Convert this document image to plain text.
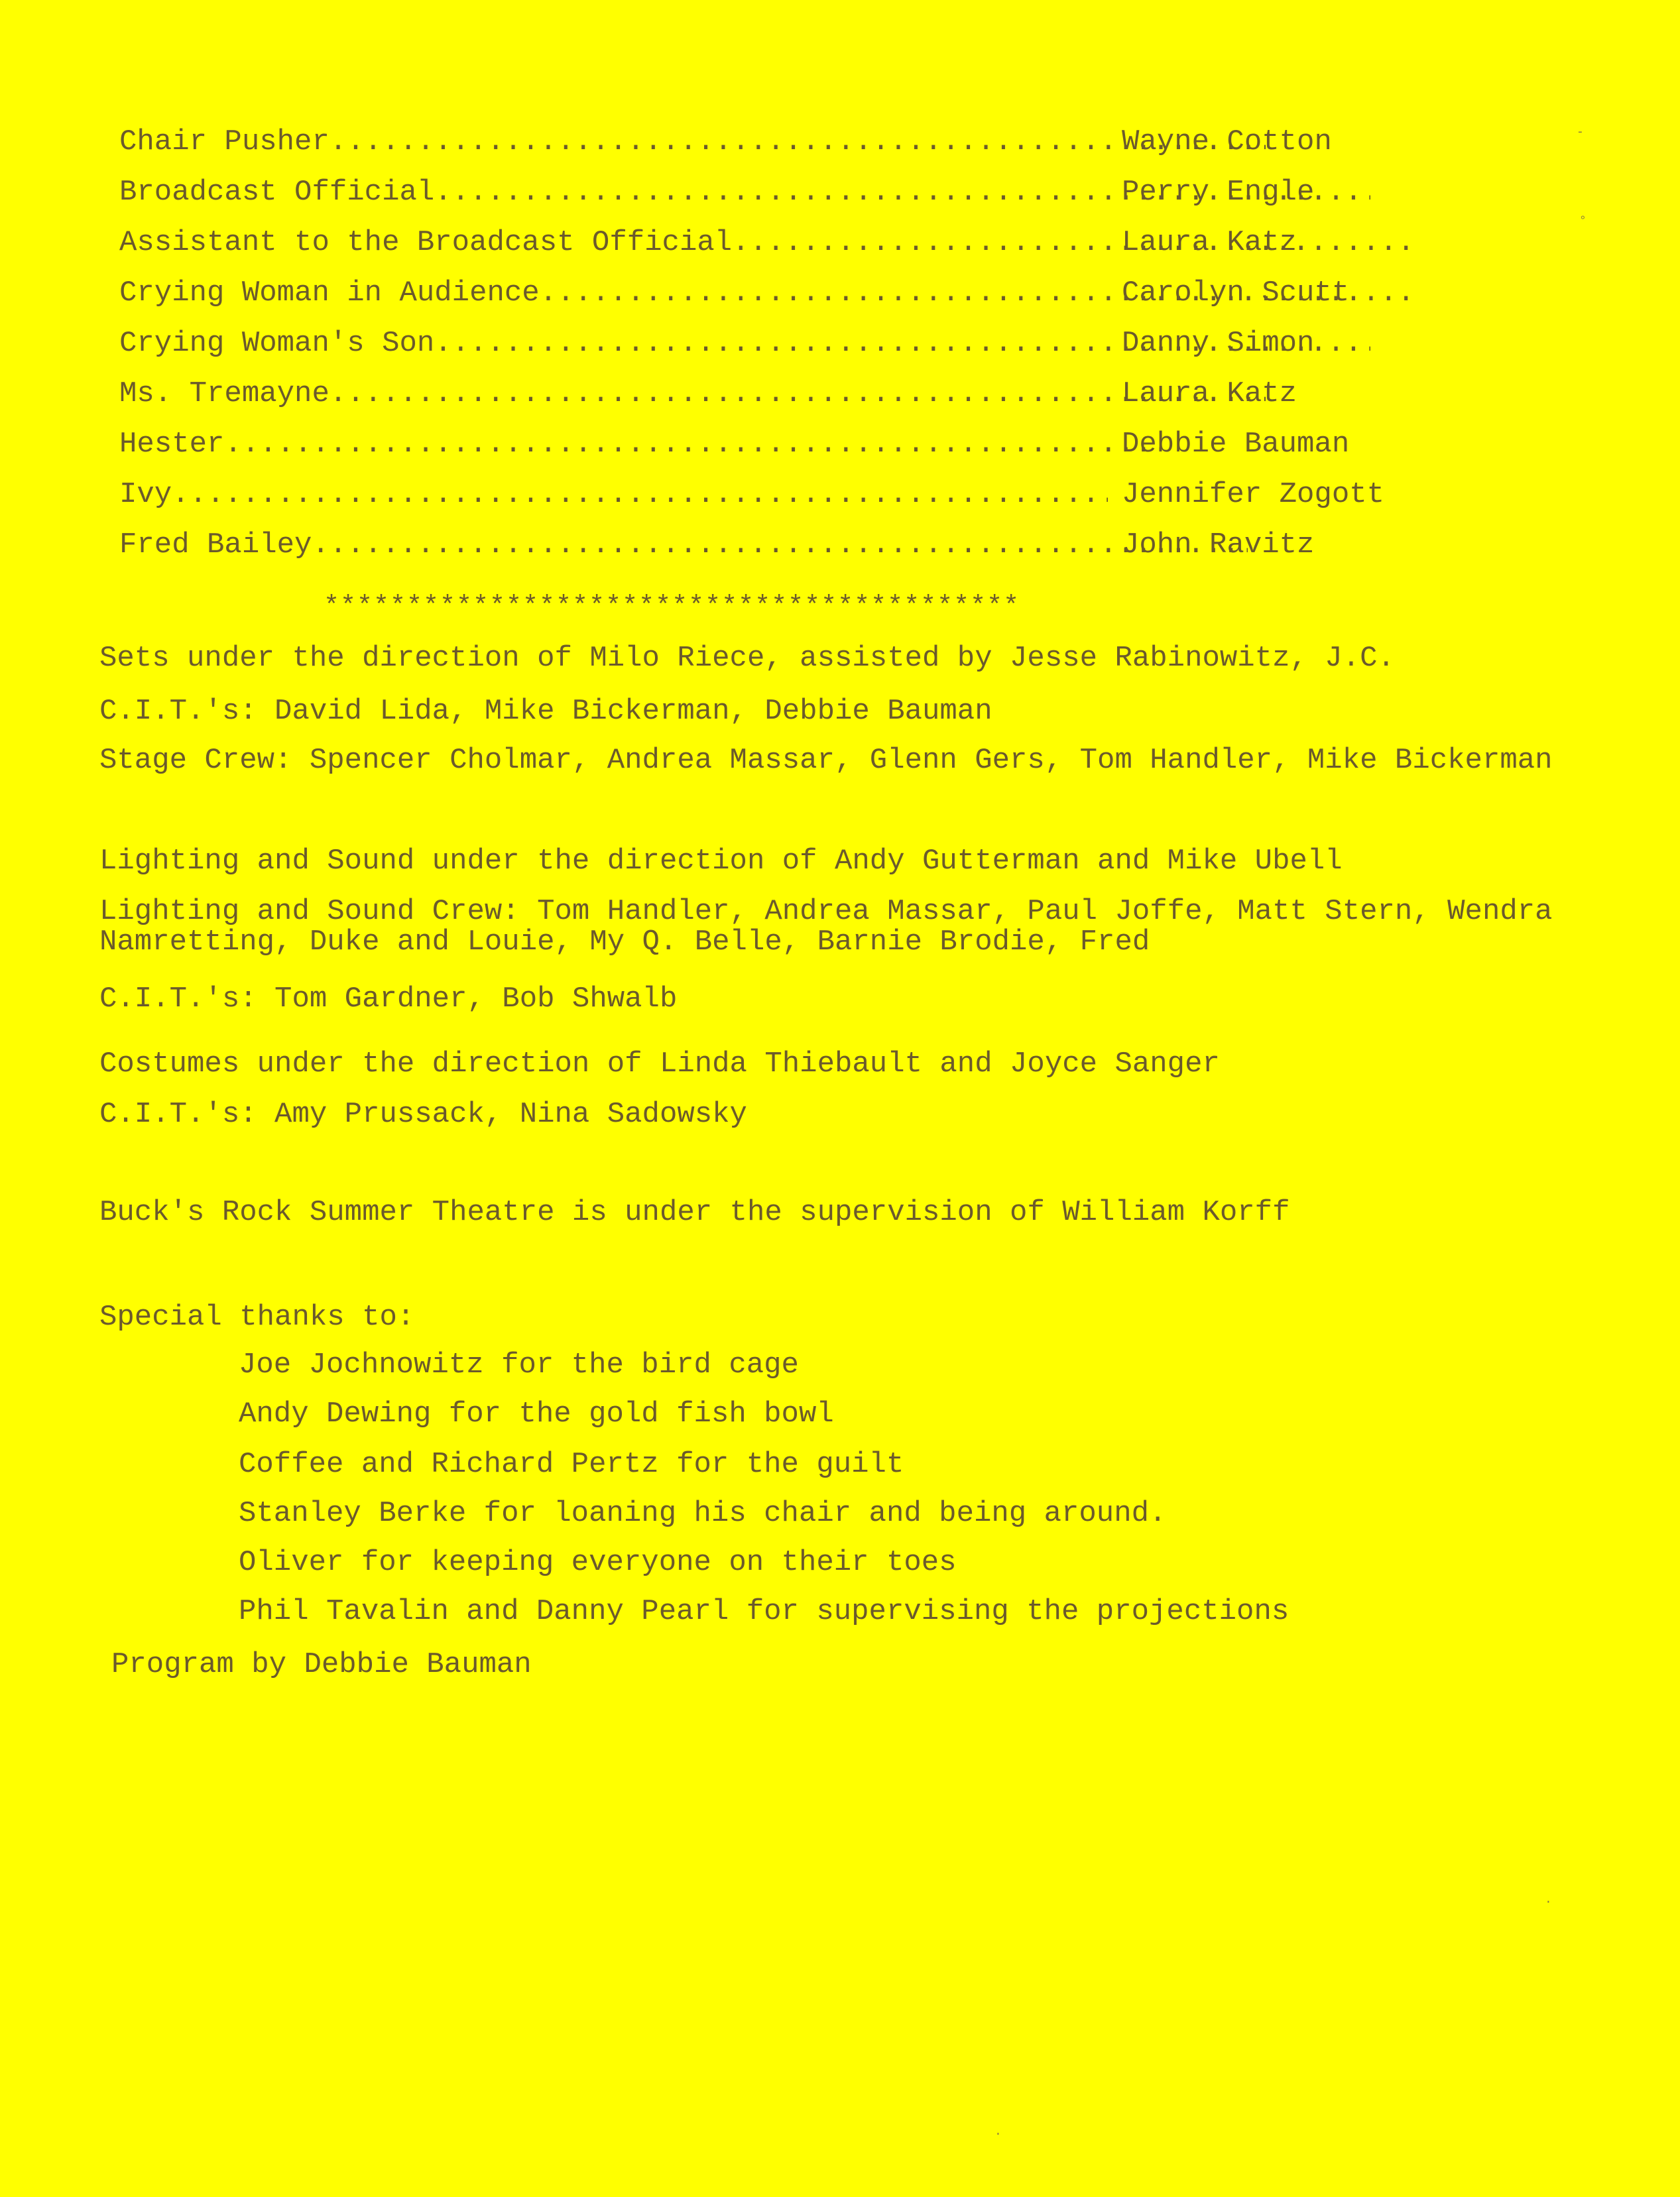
Chair Pusher .....	Wayne Cotton
Broadcast Official .....	Perry Engle
Assistant to the Broadcast Official .....	Laura Katz
Crying Woman in Audience .....	Carolyn Scutt
Crying Woman's Son .....	Danny Simon
Ms. Tremayne .....	Laura Katz
Hester .....	Debbie Bauman
Ivy .....	Jennifer Zogott
Fred Bailey .....	John Ravitz
******************************************
Sets under the direction of Milo Riece, assisted by Jesse Rabinowitz, J.C.
C.I.T.'s: David Lida, Mike Bickerman, Debbie Bauman
Stage Crew: Spencer Cholmar, Andrea Massar, Glenn Gers, Tom Handler, Mike Bickerman
Lighting and Sound under the direction of Andy Gutterman and Mike Ubell
Lighting and Sound Crew: Tom Handler, Andrea Massar, Paul Joffe, Matt Stern, Wendra Namretting, Duke and Louie, My Q. Belle, Barnie Brodie, Fred
C.I.T.'s: Tom Gardner, Bob Shwalb
Costumes under the direction of Linda Thiebault and Joyce Sanger
C.I.T.'s: Amy Prussack, Nina Sadowsky
Buck's Rock Summer Theatre is under the supervision of William Korff
Special thanks to:
Joe Jochnowitz for the bird cage
Andy Dewing for the gold fish bowl
Coffee and Richard Pertz for the guilt
Stanley Berke for loaning his chair and being around.
Oliver for keeping everyone on their toes
Phil Tavalin and Danny Pearl for supervising the projections
Program by Debbie Bauman
-
°
·
·
